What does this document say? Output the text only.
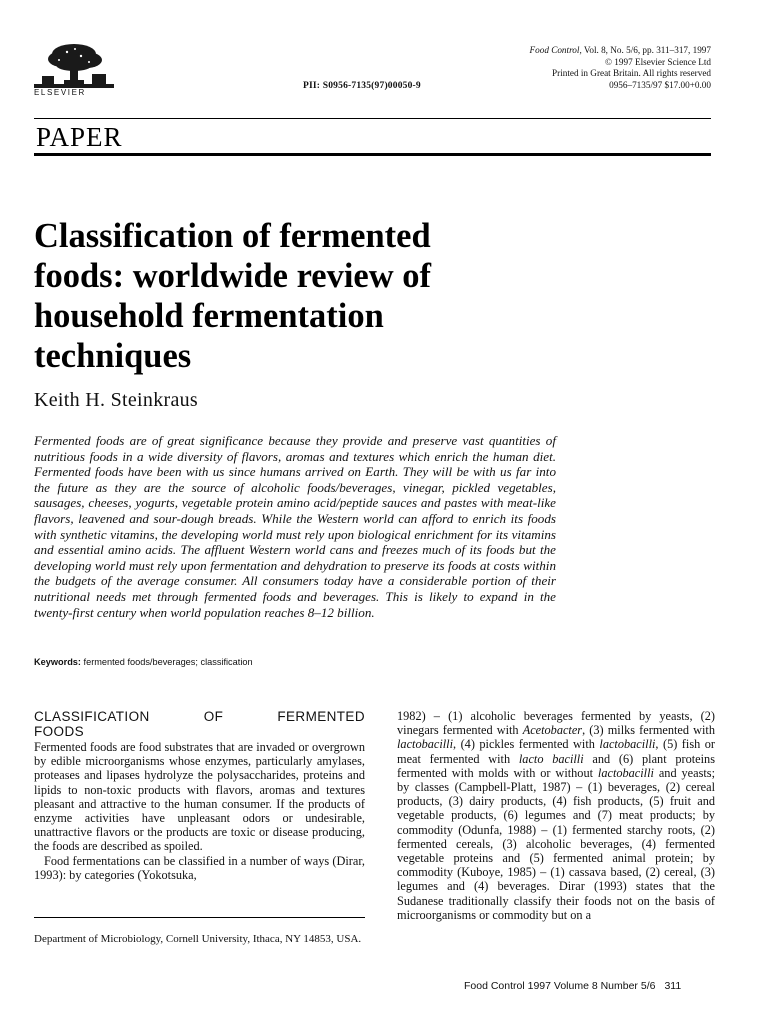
ELSEVIER
PII: S0956-7135(97)00050-9
Food Control, Vol. 8, No. 5/6, pp. 311–317, 1997
© 1997 Elsevier Science Ltd
Printed in Great Britain. All rights reserved
0956–7135/97 $17.00+0.00
PAPER
Classification of fermented
foods: worldwide review of
household fermentation
techniques
Keith H. Steinkraus

Fermented foods are of great significance because they provide and preserve vast quantities of nutritious foods in a wide diversity of flavors, aromas and textures which enrich the human diet. Fermented foods have been with us since humans arrived on Earth. They will be with us far into the future as they are the source of alcoholic foods/beverages, vinegar, pickled vegetables, sausages, cheeses, yogurts, vegetable protein amino acid/peptide sauces and pastes with meat-like flavors, leavened and sour-dough breads. While the Western world can afford to enrich its foods with synthetic vitamins, the developing world must rely upon biological enrichment for its vitamins and essential amino acids. The affluent Western world cans and freezes much of its foods but the developing world must rely upon fermentation and dehydration to preserve its foods at costs within the budgets of the average consumer. All consumers today have a considerable portion of their nutritional needs met through fermented foods and beverages. This is likely to expand in the twenty-first century when world population reaches 8–12 billion.

Keywords: fermented foods/beverages; classification
CLASSIFICATION	OF	FERMENTED
FOODS

Fermented foods are food substrates that are invaded or overgrown by edible microorganisms whose enzymes, particularly amylases, proteases and lipases hydrolyze the polysaccharides, proteins and lipids to non-toxic products with flavors, aromas and textures pleasant and attractive to the human consumer. If the products of enzyme activities have unpleasant odors or undesirable, unattractive flavors or the products are toxic or disease producing, the foods are described as spoiled.

Food fermentations can be classified in a number of ways (Dirar, 1993): by categories (Yokotsuka,

Department of Microbiology, Cornell University, Ithaca, NY 14853, USA.

1982) – (1) alcoholic beverages fermented by yeasts, (2) vinegars fermented with Acetobacter, (3) milks fermented with lactobacilli, (4) pickles fermented with lactobacilli, (5) fish or meat fermented with lacto bacilli and (6) plant proteins fermented with molds with or without lactobacilli and yeasts; by classes (Campbell-Platt, 1987) – (1) beverages, (2) cereal products, (3) dairy products, (4) fish products, (5) fruit and vegetable products, (6) legumes and (7) meat products; by commodity (Odunfa, 1988) – (1) fermented starchy roots, (2) fermented cereals, (3) alcoholic beverages, (4) fermented vegetable proteins and (5) fermented animal protein; by commodity (Kuboye, 1985) – (1) cassava based, (2) cereal, (3) legumes and (4) beverages. Dirar (1993) states that the Sudanese traditionally classify their foods not on the basis of microorganisms or commodity but on a

Food Control 1997 Volume 8 Number 5/6 311
